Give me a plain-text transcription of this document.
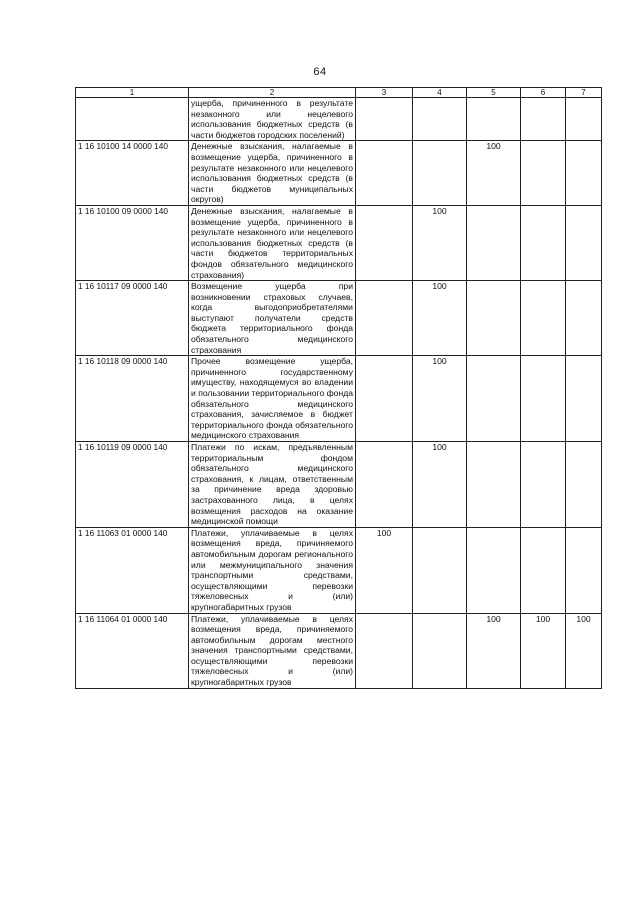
64
1	2	3	4	5	6	7
	ущерба, причиненного в результате незаконного или нецелевого использования бюджетных средств (в части бюджетов городских поселений)					
1 16 10100 14 0000 140	Денежные взыскания, налагаемые в возмещение ущерба, причиненного в результате незаконного или нецелевого использования бюджетных средств (в части бюджетов муниципальных округов)			100		
1 16 10100 09 0000 140	Денежные взыскания, налагаемые в возмещение ущерба, причиненного в результате незаконного или нецелевого использования бюджетных средств (в части бюджетов территориальных фондов обязательного медицинского страхования)		100			
1 16 10117 09 0000 140	Возмещение ущерба при возникновении страховых случаев, когда выгодоприобретателями выступают получатели средств бюджета территориального фонда обязательного медицинского страхования		100			
1 16 10118 09 0000 140	Прочее возмещение ущерба, причиненного государственному имуществу, находящемуся во владении и пользовании территориального фонда обязательного медицинского страхования, зачисляемое в бюджет территориального фонда обязательного медицинского страхования		100			
1 16 10119 09 0000 140	Платежи по искам, предъявленным территориальным фондом обязательного медицинского страхования, к лицам, ответственным за причинение вреда здоровью застрахованного лица, в целях возмещения расходов на оказание медицинской помощи		100			
1 16 11063 01 0000 140	Платежи, уплачиваемые в целях возмещения вреда, причиняемого автомобильным дорогам регионального или межмуниципального значения транспортными средствами, осуществляющими перевозки тяжеловесных и (или) крупногабаритных грузов	100				
1 16 11064 01 0000 140	Платежи, уплачиваемые в целях возмещения вреда, причиняемого автомобильным дорогам местного значения транспортными средствами, осуществляющими перевозки тяжеловесных и (или) крупногабаритных грузов			100	100	100
